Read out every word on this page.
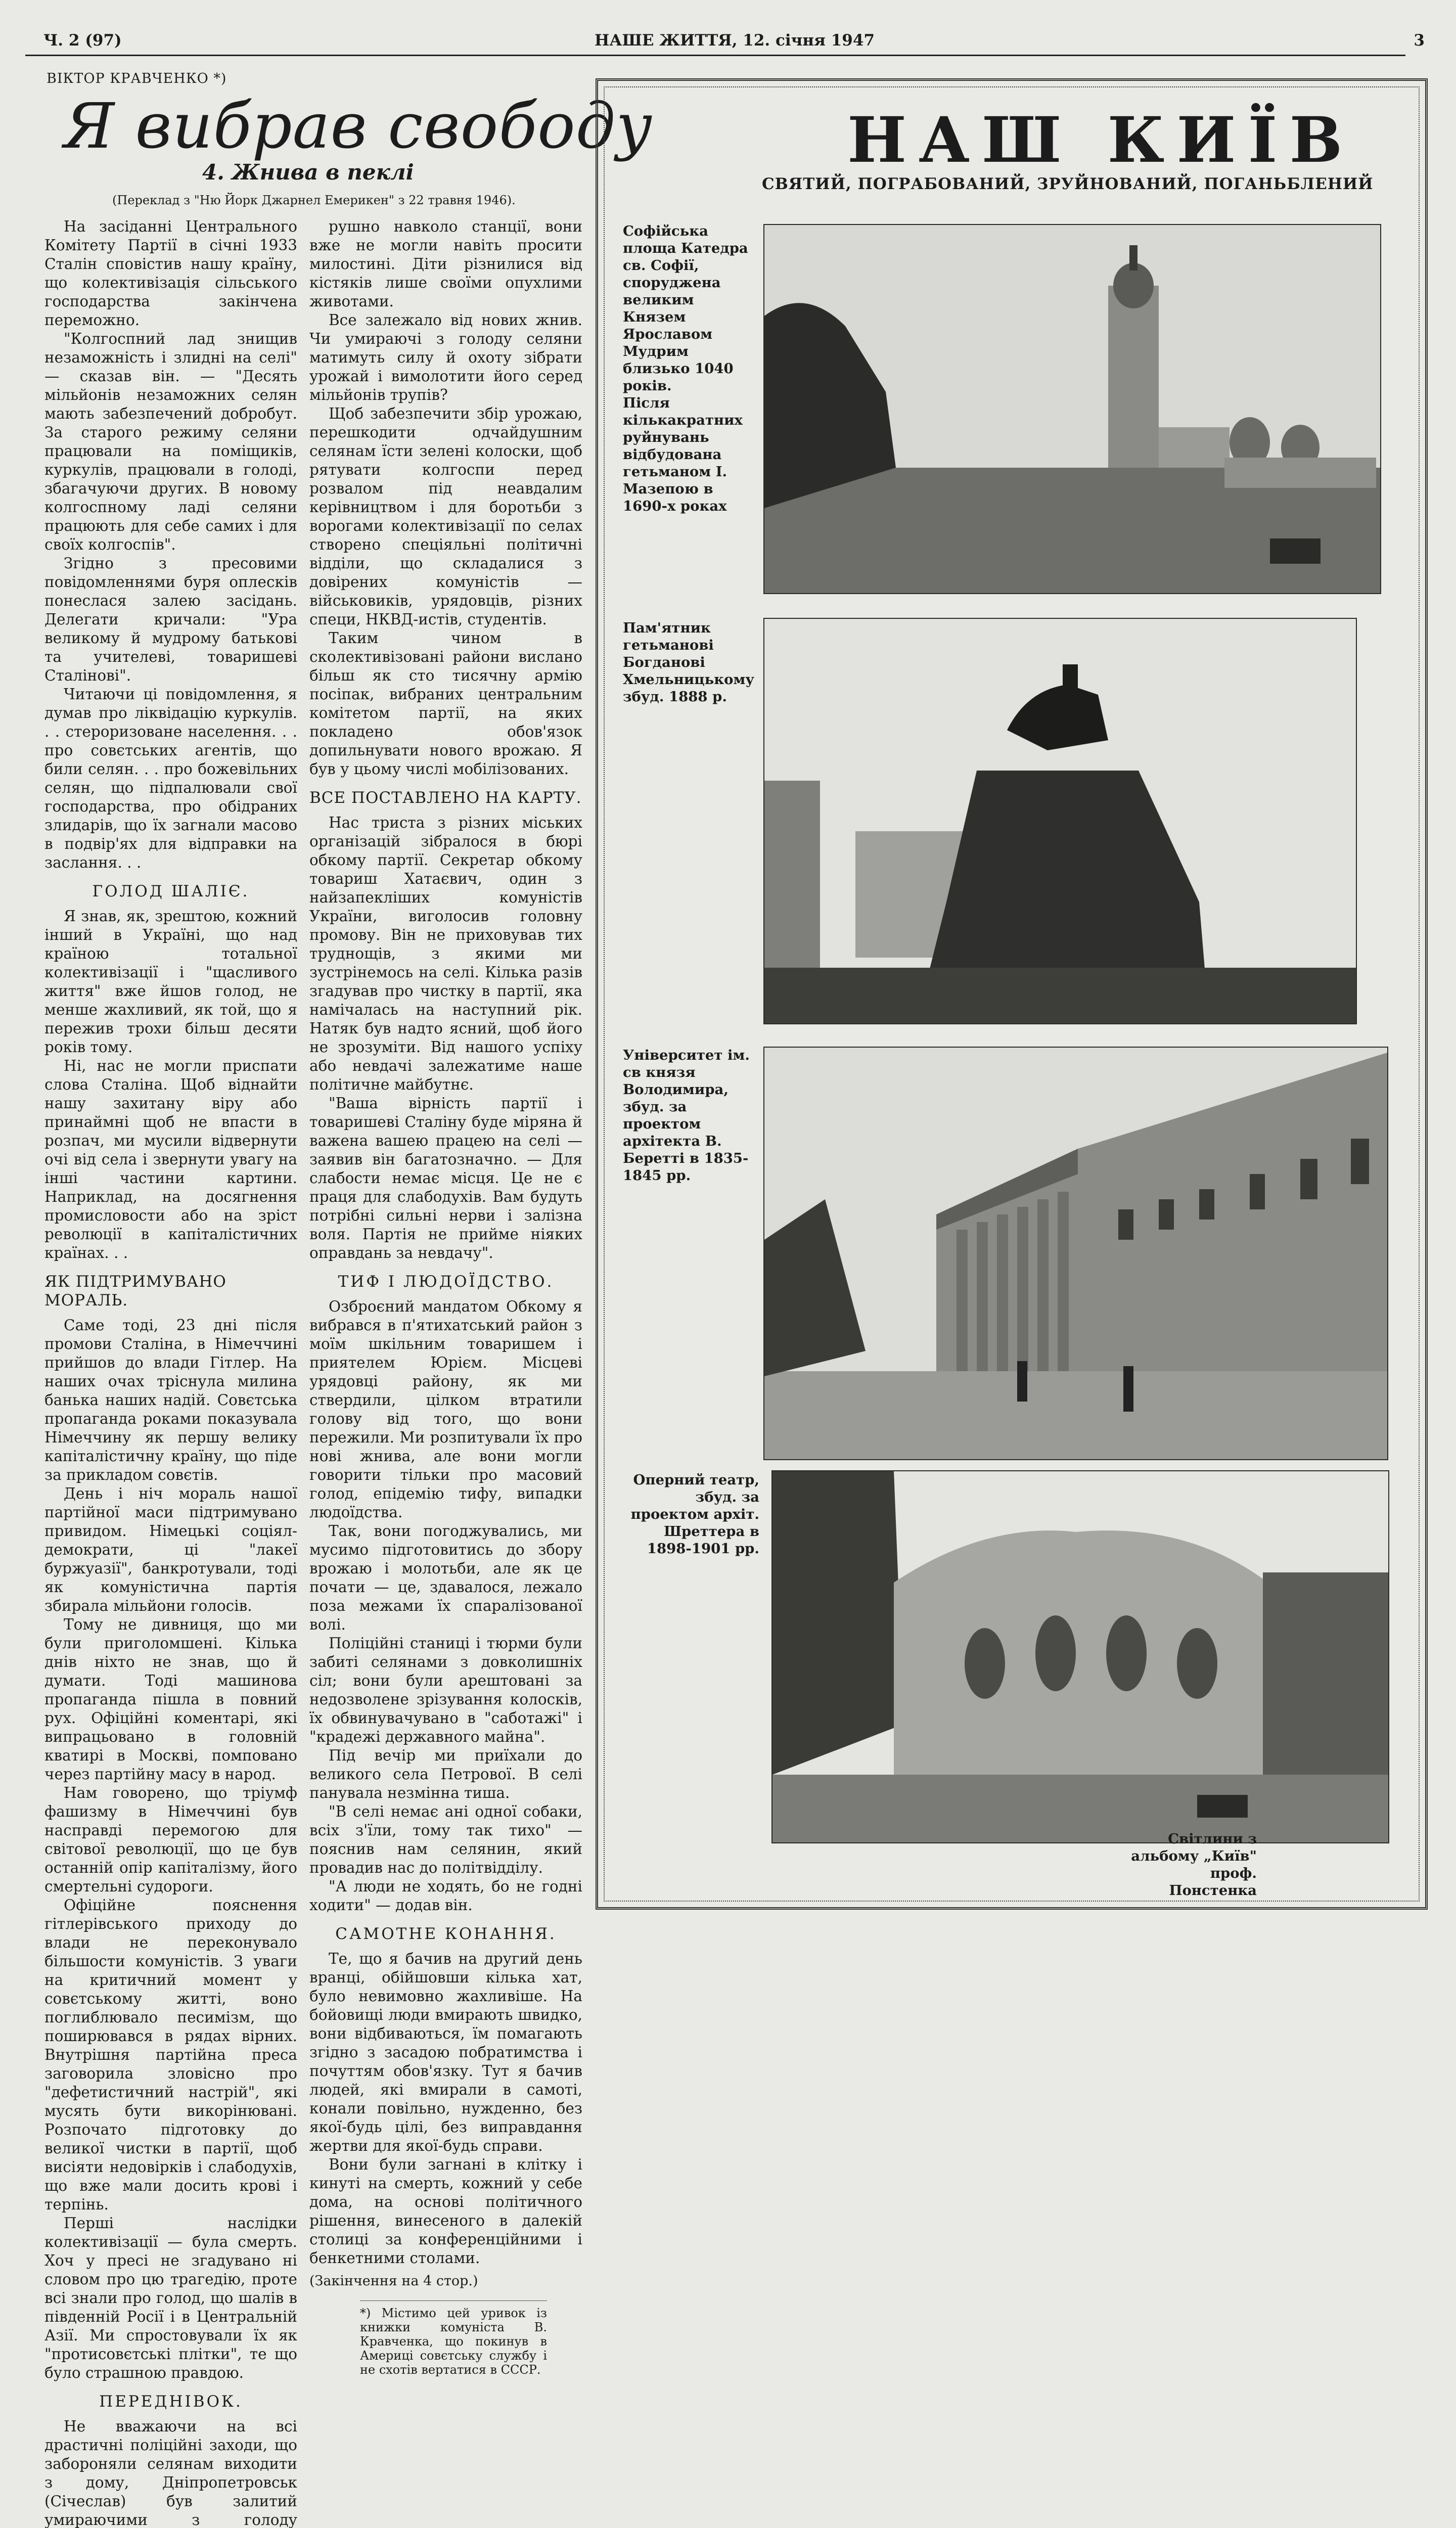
Ч. 2 (97)	НАШЕ ЖИТТЯ, 12. січня 1947	3
ВІКТОР КРАВЧЕНКО *)
Я вибрав свободу
4. Жнива в пеклі
(Переклад з "Ню Йорк Джарнел Емерикен" з 22 травня 1946).

На засіданні Центрального Комітету Партії в січні 1933 Сталін сповістив нашу країну, що колективізація сільського господарства закінчена переможно.

"Колгоспний лад знищив незаможність і злидні на селі" — сказав він. — "Десять мільйонів незаможних селян мають забезпечений добробут. За старого режиму селяни працювали на поміщиків, куркулів, працювали в голоді, збагачуючи других. В новому колгоспному ладі селяни працюють для себе самих і для своїх колгоспів".

Згідно з пресовими повідомленнями буря оплесків понеслася залею засідань. Делегати кричали: "Ура великому й мудрому батькові та учителеві, товаришеві Сталінові".

Читаючи ці повідомлення, я думав про ліквідацію куркулів. . . стероризоване населення. . . про совєтських агентів, що били селян. . . про божевільних селян, що підпалювали свої господарства, про обідраних злидарів, що їх загнали масово в подвір'ях для відправки на заслання. . .

ГОЛОД ШАЛІЄ.

Я знав, як, зрештою, кожний інший в Україні, що над країною тотальної колективізації і "щасливого життя" вже йшов голод, не менше жахливий, як той, що я пережив трохи більш десяти років тому.

Ні, нас не могли приспати слова Сталіна. Щоб віднайти нашу захитану віру або принаймні щоб не впасти в розпач, ми мусили відвернути очі від села і звернути увагу на інші частини картини. Наприклад, на досягнення промисловости або на зріст революції в капіталістичних країнах. . .

ЯК ПІДТРИМУВАНО МОРАЛЬ.

Саме тоді, 23 дні після промови Сталіна, в Німеччині прийшов до влади Гітлер. На наших очах тріснула милина банька наших надій. Совєтська пропаганда роками показувала Німеччину як першу велику капіталістичну країну, що піде за прикладом совєтів.

День і ніч мораль нашої партійної маси підтримувано привидом. Німецькі соціял-демократи, ці "лакеї буржуазії", банкротували, тоді як комуністична партія збирала мільйони голосів.

Тому не дивниця, що ми були приголомшені. Кілька днів ніхто не знав, що й думати. Тоді машинова пропаганда пішла в повний рух. Офіційні коментарі, які випрацьовано в головній кватирі в Москві, помповано через партійну масу в народ.

Нам говорено, що тріумф фашизму в Німеччині був насправді перемогою для світової революції, що це був останній опір капіталізму, його смертельні судороги.

Офіційне пояснення гітлерівського приходу до влади не переконувало більшости комуністів. З уваги на критичний момент у совєтському житті, воно поглиблювало песимізм, що поширювався в рядах вірних. Внутрішня партійна преса заговорила зловісно про "дефетистичний настрій", які мусять бути викорінювані. Розпочато підготовку до великої чистки в партії, щоб висіяти недовірків і слабодухів, що вже мали досить крові і терпінь.

Перші наслідки колективізації — була смерть. Хоч у пресі не згадувано ні словом про цю трагедію, проте всі знали про голод, що шалів в південній Росії і в Центральній Азії. Ми спростовували їх як "протисовєтські плітки", те що було страшною правдою.

ПЕРЕДНІВОК.

Не вважаючи на всі драстичні поліційні заходи, що забороняли селянам виходити з дому, Дніпропетровськ (Січеслав) був залитий умираючими з голоду

рушно навколо станції, вони вже не могли навіть просити милостині. Діти різнилися від кістяків лише своїми опухлими животами.

Все залежало від нових жнив. Чи умираючі з голоду селяни матимуть силу й охоту зібрати урожай і вимолотити його серед мільйонів трупів?

Щоб забезпечити збір урожаю, перешкодити одчайдушним селянам їсти зелені колоски, щоб рятувати колгоспи перед розвалом під неавдалим керівництвом і для боротьби з ворогами колективізації по селах створено спеціяльні політичні відділи, що складалися з довірених комуністів — військовиків, урядовців, різних специ, НКВД-истів, студентів.

Таким чином в сколективізовані райони вислано більш як сто тисячну армію посіпак, вибраних центральним комітетом партії, на яких покладено обов'язок допильнувати нового врожаю. Я був у цьому числі мобілізованих.

ВСЕ ПОСТАВЛЕНО НА КАРТУ.

Нас триста з різних міських організацій зібралося в бюрі обкому партії. Секретар обкому товариш Хатаєвич, один з найзапекліших комуністів України, виголосив головну промову. Він не приховував тих труднощів, з якими ми зустрінемось на селі. Кілька разів згадував про чистку в партії, яка намічалась на наступний рік. Натяк був надто ясний, щоб його не зрозуміти. Від нашого успіху або невдачі залежатиме наше політичне майбутнє.

"Ваша вірність партії і товаришеві Сталіну буде міряна й важена вашею працею на селі — заявив він багатозначно. — Для слабости немає місця. Це не є праця для слабодухів. Вам будуть потрібні сильні нерви і залізна воля. Партія не прийме ніяких оправдань за невдачу".

ТИФ І ЛЮДОЇДСТВО.

Озброєний мандатом Обкому я вибрався в п'ятихатський район з моїм шкільним товаришем і приятелем Юрієм. Місцеві урядовці району, як ми ствердили, цілком втратили голову від того, що вони пережили. Ми розпитували їх про нові жнива, але вони могли говорити тільки про масовий голод, епідемію тифу, випадки людоїдства.

Так, вони погоджувались, ми мусимо підготовитись до збору врожаю і молотьби, але як це почати — це, здавалося, лежало поза межами їх спаралізованої волі.

Поліційні станиці і тюрми були забиті селянами з довколишніх сіл; вони були арештовані за недозволене зрізування колосків, їх обвинувачувано в "саботажі" і "крадежі державного майна".

Під вечір ми приїхали до великого села Петрової. В селі панувала незмінна тиша.

"В селі немає ані одної собаки, всіх з'їли, тому так тихо" — пояснив нам селянин, який провадив нас до політвідділу.

"А люди не ходять, бо не годні ходити" — додав він.

САМОТНЕ КОНАННЯ.

Те, що я бачив на другий день вранці, обійшовши кілька хат, було невимовно жахливіше. На бойовищі люди вмирають швидко, вони відбиваються, їм помагають згідно з засадою побратимства і почуттям обов'язку. Тут я бачив людей, які вмирали в самоті, конали повільно, нужденно, без якої-будь цілі, без виправдання жертви для якої-будь справи.

Вони були загнані в клітку і кинуті на смерть, кожний у себе дома, на основі політичного рішення, винесеного в далекій столиці за конференційними і бенкетними столами.

(Закінчення на 4 стор.)

*) Містимо цей уривок із книжки комуніста В. Кравченка, що покинув в Америці совєтську службу і не схотів вертатися в СССР.

НАШ КИЇВ
СВЯТИЙ, ПОГРАБОВАНИЙ, ЗРУЙНОВАНИЙ, ПОГАНЬБЛЕНИЙ

Софійська площа Катедра св. Софії, споруджена великим Князем Ярославом Мудрим близько 1040 років.

Після кількакратних руйнувань відбудована гетьманом І. Мазепою в 1690-х роках

Пам'ятник гетьманові Богданові Хмельницькому збуд. 1888 р.

Університет ім. св князя Володимира, збуд. за проектом архітекта В. Беретті в 1835-1845 рр.

Оперний театр, збуд. за проектом архіт. Шреттера в 1898-1901 рр.

Світлини з альбому „Київ" проф. Понстенка
